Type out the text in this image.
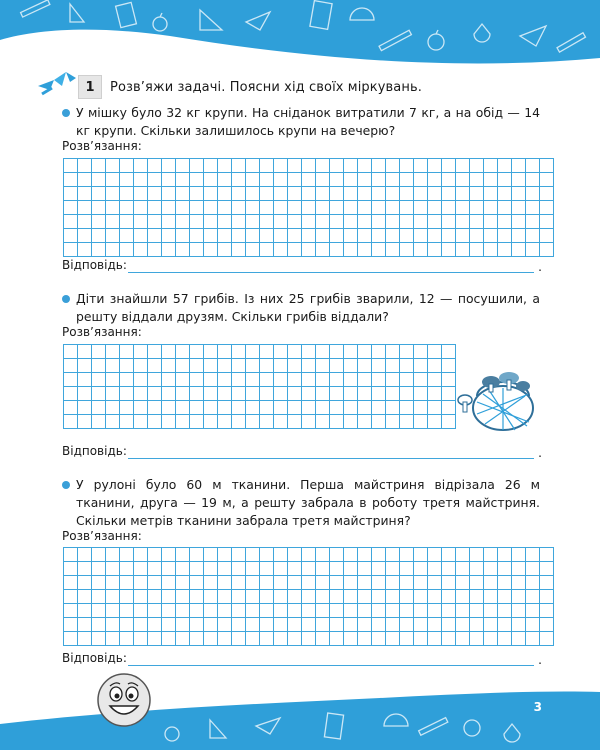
1	Розв’яжи задачі. Поясни хід своїх міркувань.
У мішку було 32 кг крупи. На сніданок витратили 7 кг, а на обід — 14 кг крупи. Скільки залишилось крупи на вечерю?
Розв’язання:
Відповідь:	.
Діти знайшли 57 грибів. Із них 25 грибів зварили, 12 — посушили, а решту віддали друзям. Скільки грибів віддали?
Розв’язання:
Відповідь:	.
У рулоні було 60 м тканини. Перша майстриня відрізала 26 м тканини, друга — 19 м, а решту забрала в роботу третя майстриня. Скільки метрів тканини забрала третя майстриня?
Розв’язання:
Відповідь:	.
3
